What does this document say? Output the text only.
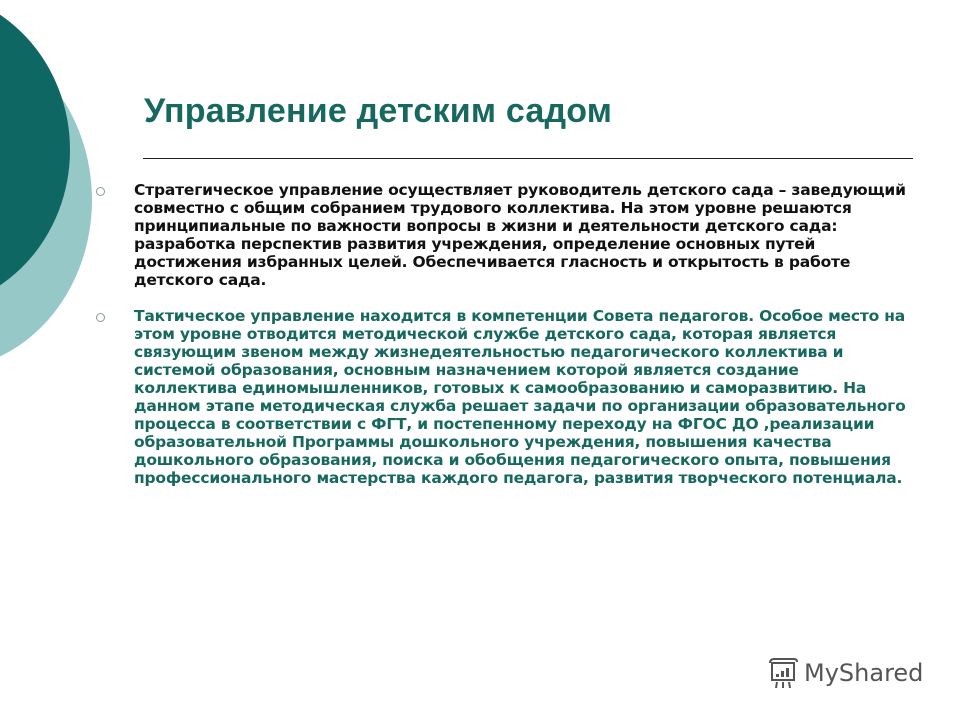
Управление детским садом

Стратегическое управление осуществляет руководитель детского сада – заведующий совместно с общим собранием трудового коллектива. На этом уровне решаются принципиальные по важности вопросы в жизни и деятельности детского сада: разработка перспектив развития учреждения, определение основных путей достижения избранных целей. Обеспечивается гласность и открытость в работе детского сада.

Тактическое управление находится в компетенции Совета педагогов. Особое место на этом уровне отводится методической службе детского сада, которая является связующим звеном между жизнедеятельностью педагогического коллектива и системой образования, основным назначением которой является создание коллектива единомышленников, готовых к самообразованию и саморазвитию. На данном этапе методическая служба решает задачи по организации образовательного процесса в соответствии с ФГТ, и постепенному переходу на ФГОС ДО ,реализации образовательной Программы дошкольного учреждения, повышения качества дошкольного образования, поиска и обобщения педагогического опыта, повышения профессионального мастерства каждого педагога, развития творческого потенциала.

MyShared
